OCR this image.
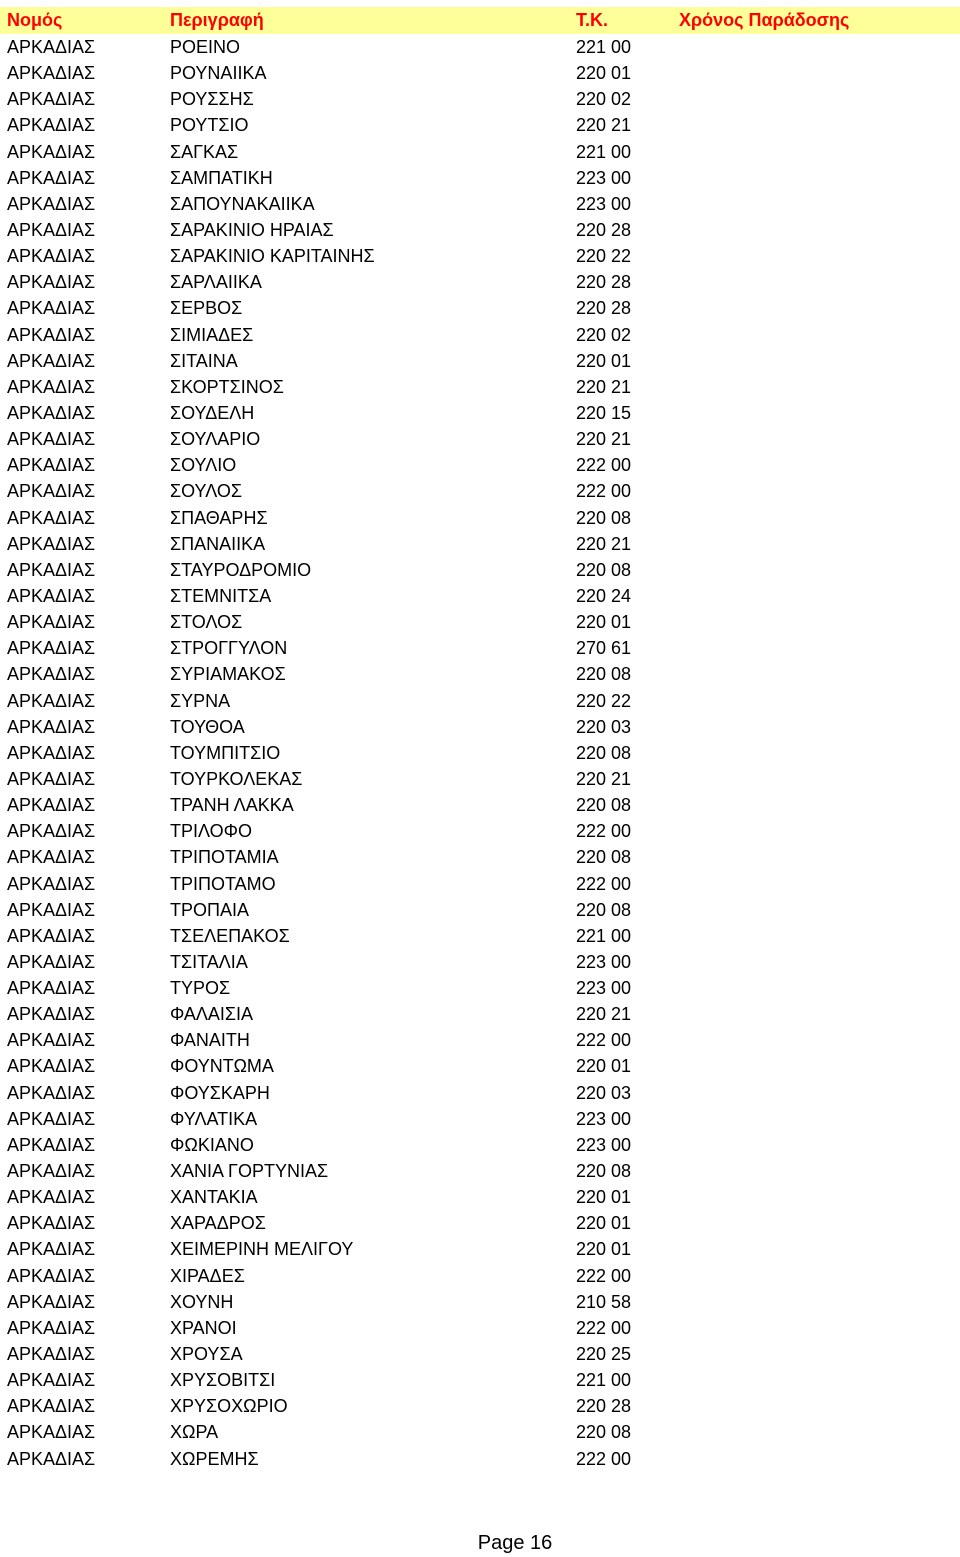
Νομός	Περιγραφή	Τ.Κ.	Χρόνος Παράδοσης
ΑΡΚΑΔΙΑΣ	ΡΟΕΙΝΟ	221 00
ΑΡΚΑΔΙΑΣ	ΡΟΥΝΑΙΙΚΑ	220 01
ΑΡΚΑΔΙΑΣ	ΡΟΥΣΣΗΣ	220 02
ΑΡΚΑΔΙΑΣ	ΡΟΥΤΣΙΟ	220 21
ΑΡΚΑΔΙΑΣ	ΣΑΓΚΑΣ	221 00
ΑΡΚΑΔΙΑΣ	ΣΑΜΠΑΤΙΚΗ	223 00
ΑΡΚΑΔΙΑΣ	ΣΑΠΟΥΝΑΚΑΙΙΚΑ	223 00
ΑΡΚΑΔΙΑΣ	ΣΑΡΑΚΙΝΙΟ ΗΡΑΙΑΣ	220 28
ΑΡΚΑΔΙΑΣ	ΣΑΡΑΚΙΝΙΟ ΚΑΡΙΤΑΙΝΗΣ	220 22
ΑΡΚΑΔΙΑΣ	ΣΑΡΛΑΙΙΚΑ	220 28
ΑΡΚΑΔΙΑΣ	ΣΕΡΒΟΣ	220 28
ΑΡΚΑΔΙΑΣ	ΣΙΜΙΑΔΕΣ	220 02
ΑΡΚΑΔΙΑΣ	ΣΙΤΑΙΝΑ	220 01
ΑΡΚΑΔΙΑΣ	ΣΚΟΡΤΣΙΝΟΣ	220 21
ΑΡΚΑΔΙΑΣ	ΣΟΥΔΕΛΗ	220 15
ΑΡΚΑΔΙΑΣ	ΣΟΥΛΑΡΙΟ	220 21
ΑΡΚΑΔΙΑΣ	ΣΟΥΛΙΟ	222 00
ΑΡΚΑΔΙΑΣ	ΣΟΥΛΟΣ	222 00
ΑΡΚΑΔΙΑΣ	ΣΠΑΘΑΡΗΣ	220 08
ΑΡΚΑΔΙΑΣ	ΣΠΑΝΑΙΙΚΑ	220 21
ΑΡΚΑΔΙΑΣ	ΣΤΑΥΡΟΔΡΟΜΙΟ	220 08
ΑΡΚΑΔΙΑΣ	ΣΤΕΜΝΙΤΣΑ	220 24
ΑΡΚΑΔΙΑΣ	ΣΤΟΛΟΣ	220 01
ΑΡΚΑΔΙΑΣ	ΣΤΡΟΓΓΥΛΟΝ	270 61
ΑΡΚΑΔΙΑΣ	ΣΥΡΙΑΜΑΚΟΣ	220 08
ΑΡΚΑΔΙΑΣ	ΣΥΡΝΑ	220 22
ΑΡΚΑΔΙΑΣ	ΤΟΥΘΟΑ	220 03
ΑΡΚΑΔΙΑΣ	ΤΟΥΜΠΙΤΣΙΟ	220 08
ΑΡΚΑΔΙΑΣ	ΤΟΥΡΚΟΛΕΚΑΣ	220 21
ΑΡΚΑΔΙΑΣ	ΤΡΑΝΗ ΛΑΚΚΑ	220 08
ΑΡΚΑΔΙΑΣ	ΤΡΙΛΟΦΟ	222 00
ΑΡΚΑΔΙΑΣ	ΤΡΙΠΟΤΑΜΙΑ	220 08
ΑΡΚΑΔΙΑΣ	ΤΡΙΠΟΤΑΜΟ	222 00
ΑΡΚΑΔΙΑΣ	ΤΡΟΠΑΙΑ	220 08
ΑΡΚΑΔΙΑΣ	ΤΣΕΛΕΠΑΚΟΣ	221 00
ΑΡΚΑΔΙΑΣ	ΤΣΙΤΑΛΙΑ	223 00
ΑΡΚΑΔΙΑΣ	ΤΥΡΟΣ	223 00
ΑΡΚΑΔΙΑΣ	ΦΑΛΑΙΣΙΑ	220 21
ΑΡΚΑΔΙΑΣ	ΦΑΝΑΙΤΗ	222 00
ΑΡΚΑΔΙΑΣ	ΦΟΥΝΤΩΜΑ	220 01
ΑΡΚΑΔΙΑΣ	ΦΟΥΣΚΑΡΗ	220 03
ΑΡΚΑΔΙΑΣ	ΦΥΛΑΤΙΚΑ	223 00
ΑΡΚΑΔΙΑΣ	ΦΩΚΙΑΝΟ	223 00
ΑΡΚΑΔΙΑΣ	ΧΑΝΙΑ ΓΟΡΤΥΝΙΑΣ	220 08
ΑΡΚΑΔΙΑΣ	ΧΑΝΤΑΚΙΑ	220 01
ΑΡΚΑΔΙΑΣ	ΧΑΡΑΔΡΟΣ	220 01
ΑΡΚΑΔΙΑΣ	ΧΕΙΜΕΡΙΝΗ ΜΕΛΙΓΟΥ	220 01
ΑΡΚΑΔΙΑΣ	ΧΙΡΑΔΕΣ	222 00
ΑΡΚΑΔΙΑΣ	ΧΟΥΝΗ	210 58
ΑΡΚΑΔΙΑΣ	ΧΡΑΝΟΙ	222 00
ΑΡΚΑΔΙΑΣ	ΧΡΟΥΣΑ	220 25
ΑΡΚΑΔΙΑΣ	ΧΡΥΣΟΒΙΤΣΙ	221 00
ΑΡΚΑΔΙΑΣ	ΧΡΥΣΟΧΩΡΙΟ	220 28
ΑΡΚΑΔΙΑΣ	ΧΩΡΑ	220 08
ΑΡΚΑΔΙΑΣ	ΧΩΡΕΜΗΣ	222 00
Page 16
